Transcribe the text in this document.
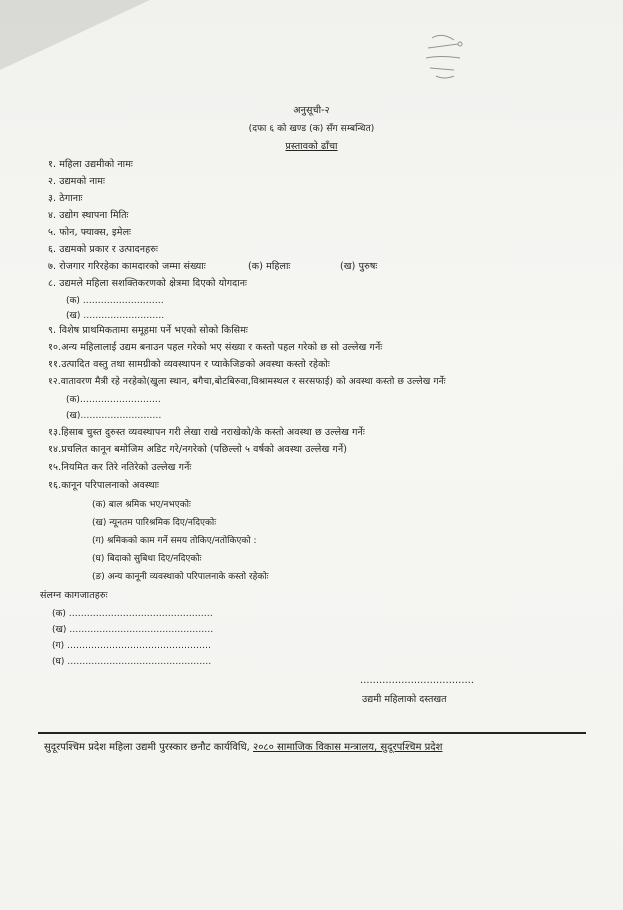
अनुसूची-२
(दफा ६ को खण्ड (क) सँग सम्बन्धित)
प्रस्तावको ढाँचा
१. महिला उद्यमीको नामः
२. उद्यमको नामः
३. ठेगानाः
४. उद्योग स्थापना मितिः
५. फोन, फ्याक्स, इमेलः
६. उद्यमको प्रकार र उत्पादनहरुः
७. रोजगार गरिरहेका कामदारको जम्मा संख्याः	(क) महिलाः	(ख) पुरुषः
८. उद्यमले महिला सशक्तिकरणको क्षेत्रमा दिएको योगदानः
(क) ………………………
(ख) ………………………
९. विशेष प्राथमिकतामा समूहमा पर्ने भएको सोको किसिमः
१०.अन्य महिलालाई उद्यम बनाउन पहल गरेको भए संख्या र कस्तो पहल गरेको छ सो उल्लेख गर्नेः
११.उत्पादित वस्तु तथा सामग्रीको व्यवस्थापन र प्याकेजिङको अवस्था कस्तो रहेकोः
१२.वातावरण मैत्री रहे नरहेको(खुला स्थान, बगैचा,बोटबिरुवा,विश्रामस्थल र सरसफाई) को अवस्था कस्तो छ उल्लेख गर्नेः
(क)………………………
(ख)………………………
१३.हिसाब चुस्त दुरुस्त व्यवस्थापन गरी लेखा राखे नराखेको/के कस्तो अवस्था छ उल्लेख गर्नेः
१४.प्रचलित कानून बमोजिम अडिट गरे/नगरेको (पछिल्लो ५ वर्षको अवस्था उल्लेख गर्ने)
१५.नियमित कर तिरे नतिरेको उल्लेख गर्नेः
१६.कानून परिपालनाको अवस्थाः
(क) बाल श्रमिक भए/नभएकोः
(ख) न्यूनतम पारिश्रमिक दिए/नदिएकोः
(ग) श्रमिकको काम गर्ने समय तोकिए/नतोकिएको :
(घ) बिदाको सुबिधा दिए/नदिएकोः
(ङ) अन्य कानूनी व्यवस्थाको परिपालनाके कस्तो रहेकोः
संलग्न कागजातहरुः
(क) …………………………………………
(ख) …………………………………………
(ग) …………………………………………
(घ) …………………………………………
………………………………
उद्यमी महिलाको दस्तखत
सुदूरपश्चिम प्रदेश महिला उद्यमी पुरस्कार छनौट कार्यविधि, २०८० सामाजिक विकास मन्त्रालय, सुदूरपश्चिम प्रदेश
